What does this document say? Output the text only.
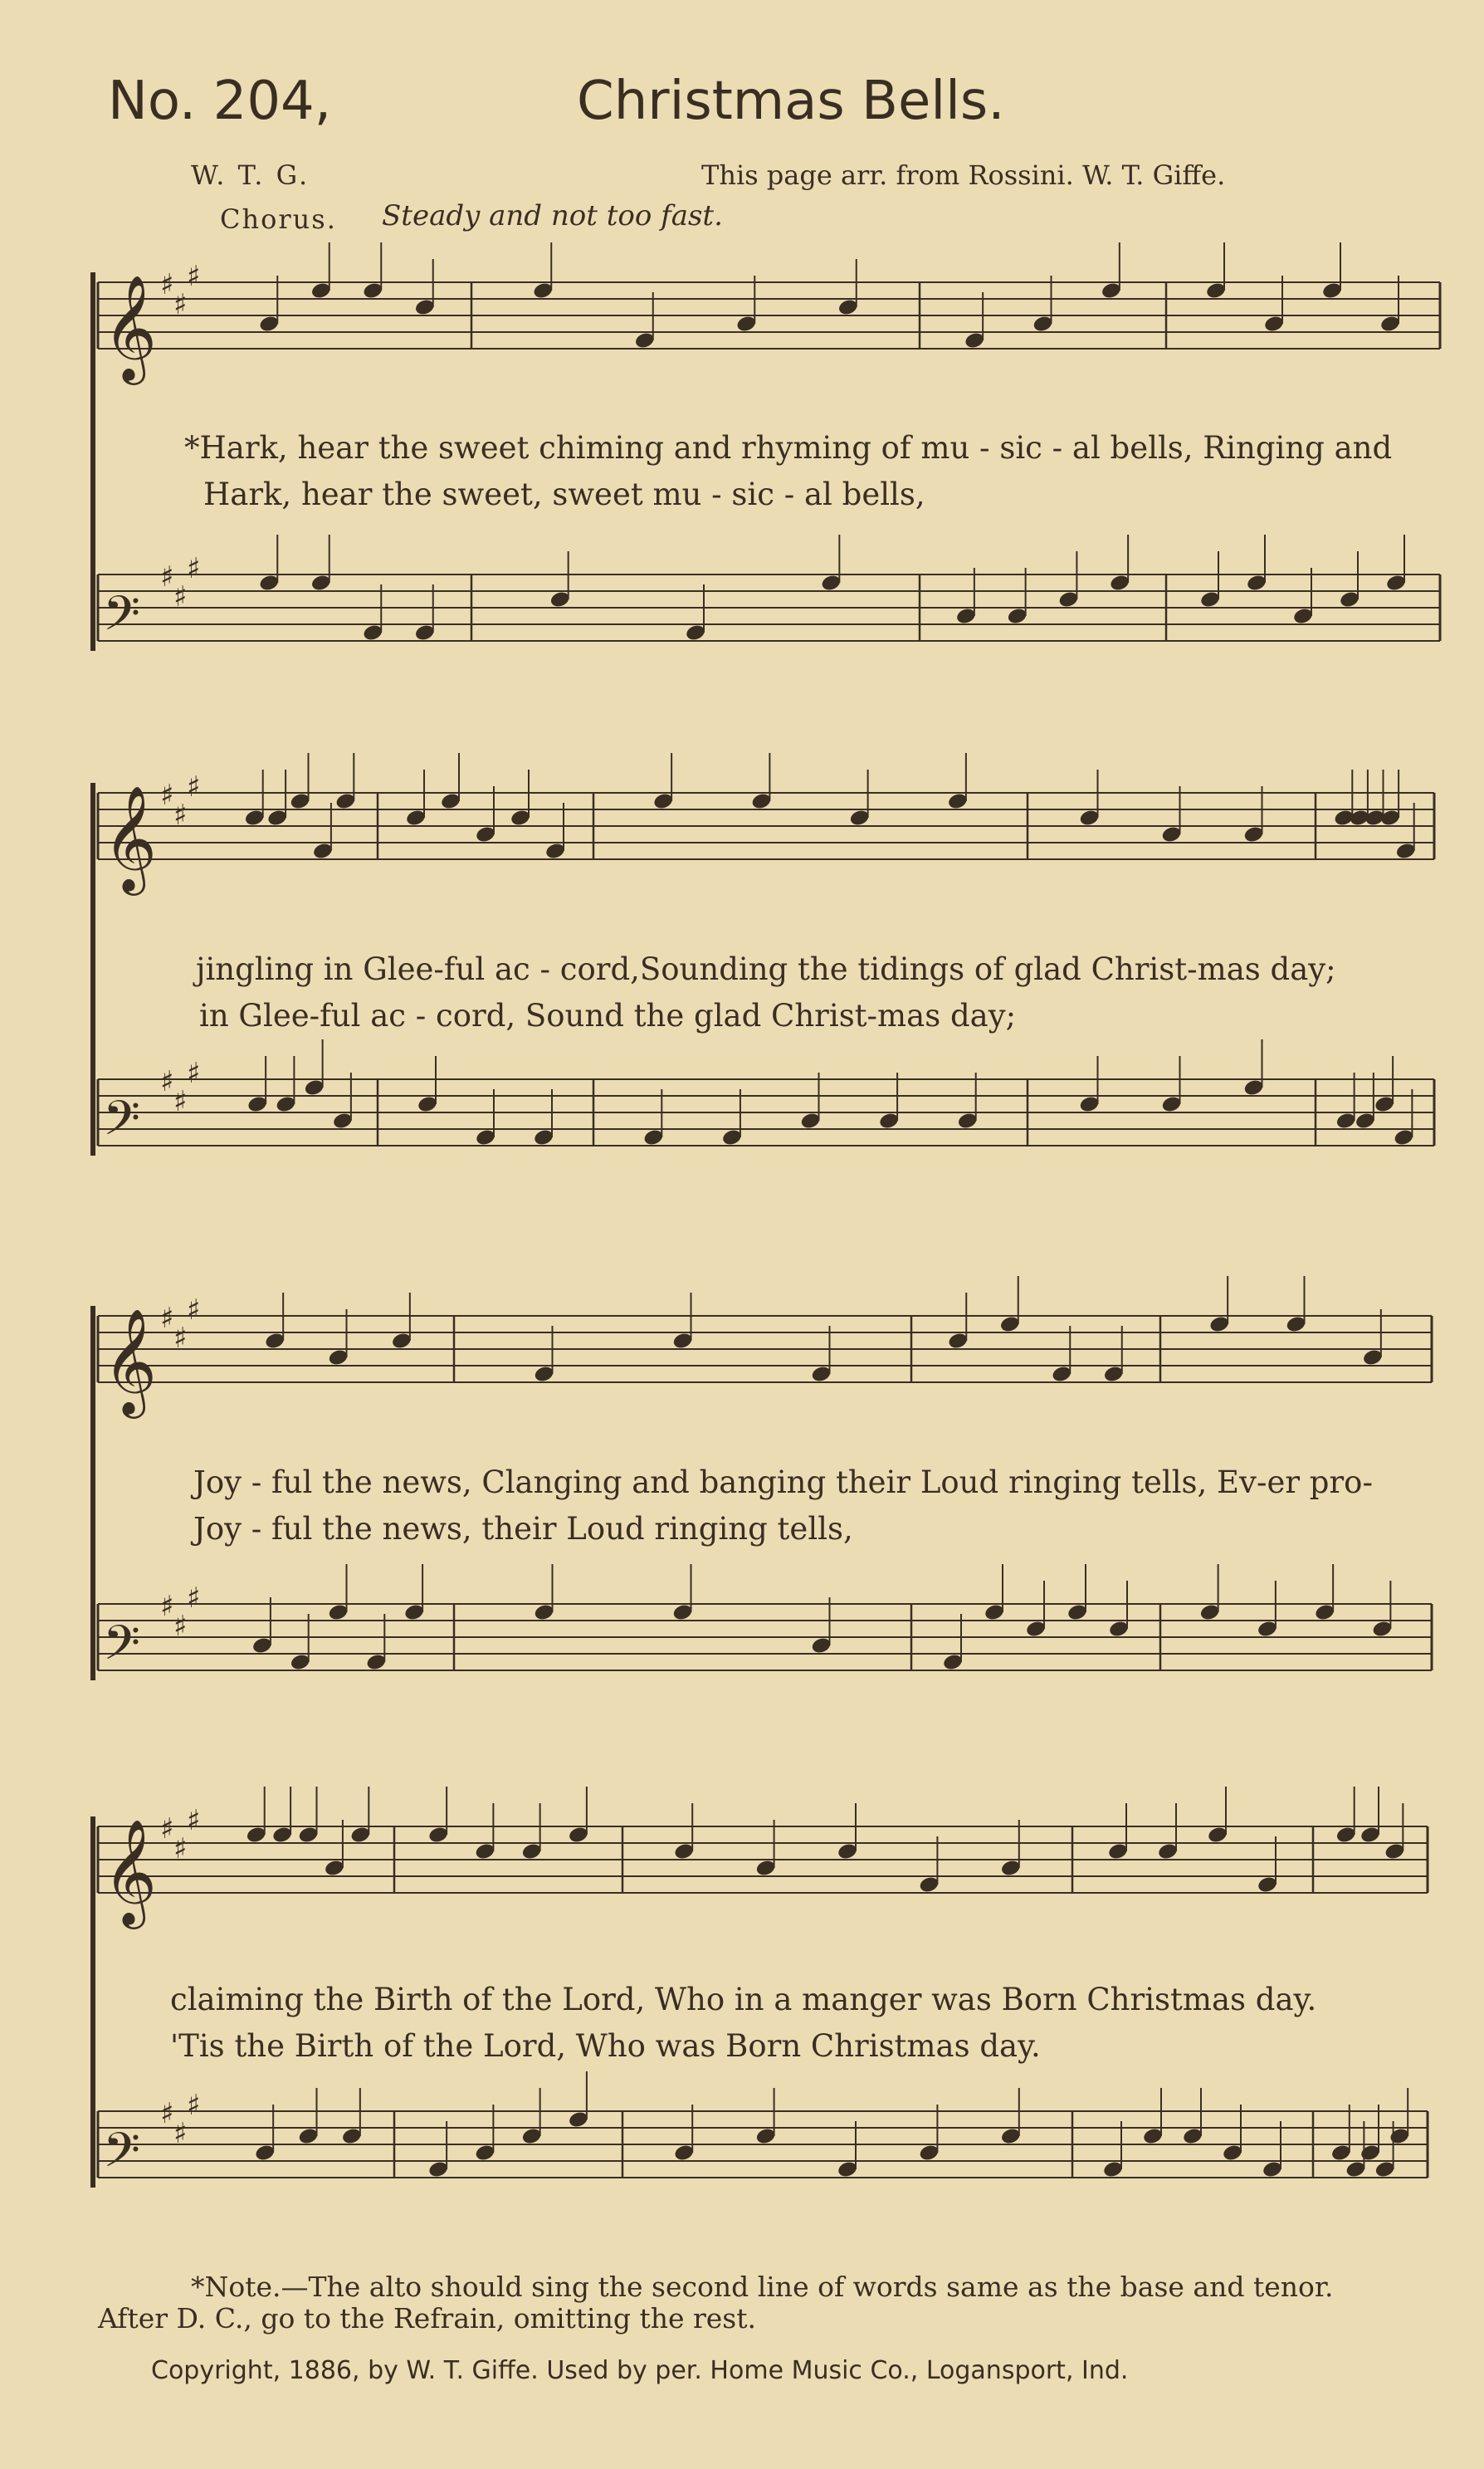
No. 204,	Christmas Bells.
W. T. G.	This page arr. from Rossini. W. T. Giffe.
Chorus. Steady and not too fast.
𝄞 ♯
♯
♯
𝄢
♯
♯
♯
𝄞 ♯
♯
♯
𝄢
♯
♯
♯
𝄞 ♯
♯
♯
𝄢
♯
♯
♯
𝄞 ♯
♯
♯
𝄢
♯
♯
♯
*Hark, hear the sweet chiming and rhyming of mu - sic - al bells, Ringing and
Hark, hear the sweet, sweet mu - sic - al bells,
jingling in Glee-ful ac - cord,Sounding the tidings of glad Christ-mas day;
in Glee-ful ac - cord, Sound the glad Christ-mas day;
Joy - ful the news, Clanging and banging their Loud ringing tells, Ev-er pro-
Joy - ful the news, their Loud ringing tells,
claiming the Birth of the Lord, Who in a manger was Born Christmas day.
'Tis the Birth of the Lord, Who was Born Christmas day.
*Note.—The alto should sing the second line of words same as the base and tenor.
After D. C., go to the Refrain, omitting the rest.
Copyright, 1886, by W. T. Giffe. Used by per. Home Music Co., Logansport, Ind.
